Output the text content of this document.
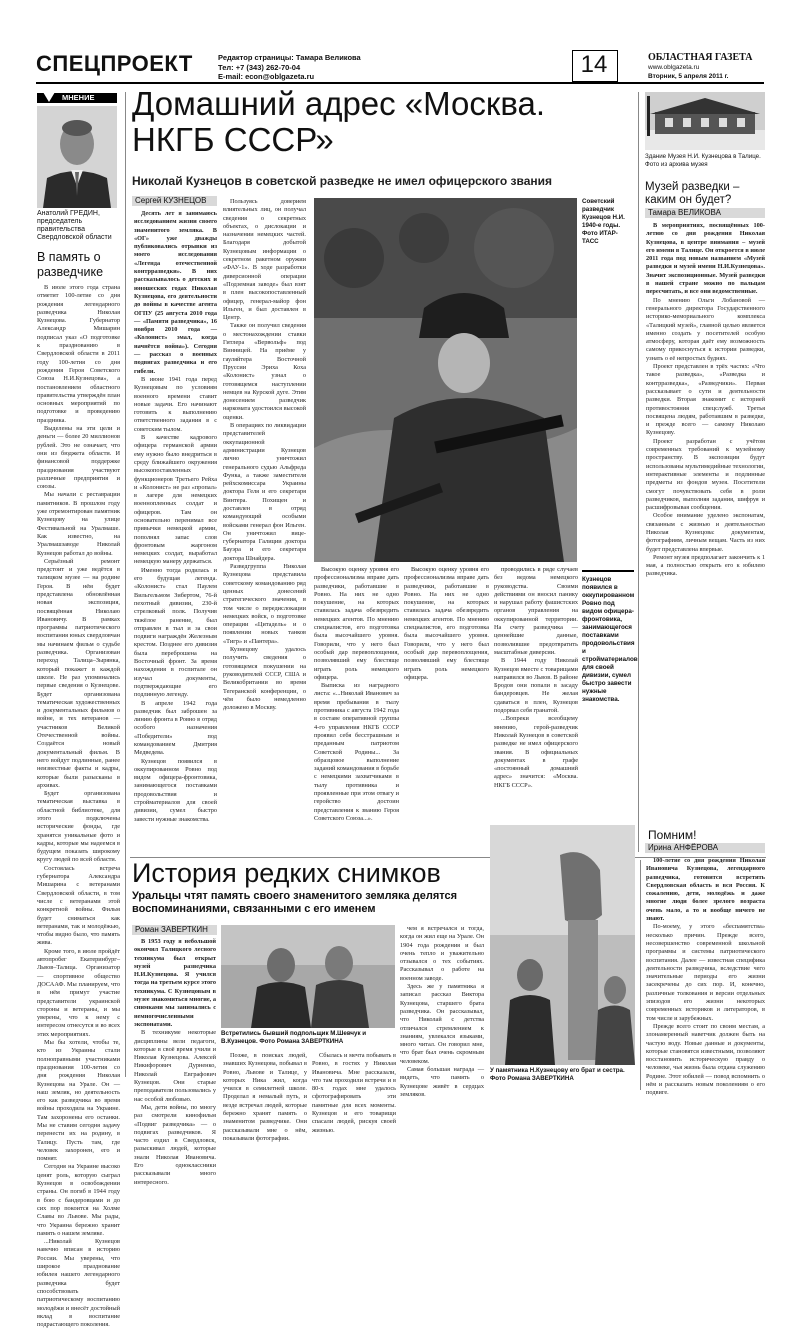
СПЕЦПРОЕКТ	Редактор страницы: Тамара Великова
Тел: +7 (343) 262-70-04
E-mail: econ@oblgazeta.ru	14	ОБЛАСТНАЯ ГАЗЕТА
www.oblgazeta.ru
Вторник, 5 апреля 2011 г.
МНЕНИЕ
Анатолий ГРЕДИН,
председатель правительства Свердловской области
В память о разведчике

В июле этого года страна отметит 100-летие со дня рождения легендарного разведчика Николая Кузнецова. Губернатор Александр Мишарин подписал указ «О подготовке к празднованию в Свердловской области в 2011 году 100-летия со дня рождения Героя Советского Союза Н.И.Кузнецова», а постановлением областного правительства утверждён план основных мероприятий по подготовке и проведению праздника.

Выделены на эти цели и деньги — более 20 миллионов рублей. Это не означает, что они из бюджета области. И финансовой поддержке празднования участвуют различные предприятия и союзы.

Мы начали с реставрации памятников. В прошлом году уже отремонтирован памятник Кузнецову на улице Фестивальной на Уралмаше. Как известно, на Уралмашзаводе Николай Кузнецов работал до войны.

Серьёзный ремонт предстоит и уже ведётся в талицком музее — на родине Героя. В нём будет представлена обновлённая новая экспозиция, посвящённая Николаю Ивановичу. В рамках программы патриотического воспитания юных свердловчан мы начинаем фильм о судьбе разведчика. Организован переход Талица–Зырянка, который покажет в каждой школе. Не раз упоминались первые сведения о Кузнецове. Будет организована тематическая художественных и документальных фильмов о войне, и тех ветеранов — участников Великой Отечественной войны. Создаётся новый документальный фильм. В него войдут подлинные, ранее неизвестные факты и кадры, которые были разысканы в архивах.

Будет организована тематическая выставка в областной библиотеке, для этого подключены исторические фонды, где хранятся уникальные фото и кадры, которые мы надеемся в будущем показать широкому кругу людей по всей области.

Состоялась встреча губернатора Александра Мишарина с ветеранами Свердловской области, в том числе с ветеранами этой конкретной войны. Фильм будет сниматься как ветеранами, так и молодёжью, чтобы видно было, что память жива.

Кроме того, в июле пройдёт автопробег Екатеринбург–Львов–Талица. Организатор — спортивное общество ДОСААФ. Мы планируем, что в нём примут участие представители украинской стороны и ветераны, и мы уверены, что к нему с интересом отнесутся и во всех этих мероприятиях.

Мы бы хотели, чтобы те, кто из Украины стали полноправными участниками празднования 100-летия со дня рождения Николая Кузнецова на Урале. Он — наш земляк, но деятельность его как разведчика во время войны проходила на Украине. Там захоронены его останки. Мы не ставим сегодня задачу перенести их на родину, в Талицу. Пусть там, где человек захоронен, его и помнят.

Сегодня на Украине высоко ценят роль, которую сыграл Кузнецов в освобождении страны. Он погиб в 1944 году в бою с бандеровцами и до сих пор покоится на Холме Славы во Львове. Мы рады, что Украина бережно хранит память о нашем земляке.

...Николай Кузнецов навечно вписан в историю России. Мы уверены, что широкое празднование юбилея нашего легендарного разведчика будет способствовать патриотическому воспитанию молодёжи и внесёт достойный вклад в воспитание подрастающего поколения.

Домашний адрес «Москва. НКГБ СССР»
Николай Кузнецов в советской разведке не имел офицерского звания
Сергей КУЗНЕЦОВ

Десять лет я занимаюсь исследованием жизни своего знаменитого земляка. В «ОГ» уже дважды публиковались отрывки из моего исследования «Легенда отечественной контрразведки». В них рассказывалось о детских и юношеских годах Николая Кузнецова, его деятельности до войны в качестве агента ОГПУ (25 августа 2010 года — «Памяти разведчика», 16 ноября 2010 года — «Колонист» эмал, когда начнётся война»). Сегодня — рассказ о военных подвигах разведчика и его гибели.

В июне 1941 года перед Кузнецовым по условиям военного времени ставит новые задачи. Его начинают готовить к выполнению ответственного задания в с советским тылом.

В качестве кадрового офицера германской армии ему нужно было внедриться в среду ближайшего окружения высокопоставленных функционеров Третьего Рейха и «Колонист» не раз «пропал» в лагере для немецких военнопленных солдат и офицеров. Там он основательно перенимал все привычки немецкой армии, пополнял запас слов фронтовым жаргоном немецких солдат, выработал немецкую манеру держаться.

Именно тогда родилась и его будущая легенда. «Колонист» стал Паулем Вильгельмом Зибертом, 76-й пехотный дивизии, 230-й стрелковый полк. Получив тяжёлое ранение, был отправлен в тыл и за свои подвиги награждён Железным крестом. Позднее его дивизия была переброшена на Восточный фронт. За время нахождения в госпитале он изучал документы, подтверждающие его подлинную легенду.

В апреле 1942 года разведчик был заброшен за линию фронта в Ровно в отряд особого назначения «Победители» под командованием Дмитрия Медведева.

Кузнецов появился в оккупированном Ровно под видом офицера-фронтовика, занимающегося поставками продовольствия и стройматериалов для своей дивизии, сумел быстро завести нужные знакомства.

Пользуясь доверием влиятельных лиц, он получал сведения о секретных объектах, о дислокации и назначении немецких частей. Благодаря добытой Кузнецовым информации о секретном ракетном оружии «ФАУ-1». В ходе разработки диверсионной операции «Подземная заводе» был взят в плен высокопоставленный офицер, генерал-майор фон Ильген, и был доставлен в Центр.

Также он получил сведения о местонахождении ставки Гитлера «Вервольф» под Винницей. На приёме у гауляйтера Восточной Пруссии Эриха Коха «Колонист» узнал о готовящемся наступлении немцев на Курской дуге. Этим донесением разведчик наркомата удостоился высокой оценки.

В операциях по ликвидации представителей оккупационной администрации Кузнецов лично уничтожил генерального судью Альфреда Функа, а также заместителя рейхскомиссара Украины доктора Геля и его секретаря Винтера. Похищен и доставлен в отряд командующий особыми войсками генерал фон Ильген. Он уничтожил вице-губернатора Галиции доктора Бауэра и его секретаря доктора Шнайдера.

Разведгруппа Николая Кузнецова представила советскому командованию ряд ценных донесений стратегического значения, в том числе о передислокации немецких войск, о подготовке операции «Цитадель» и о появлении новых танков «Тигр» и «Пантера».

Кузнецову удалось получить сведения о готовящемся покушении на руководителей СССР, США и Великобритании во время Тегеранской конференции, о чём было немедленно доложено в Москву.

Советский разведчик Кузнецов Н.И. 1940-е годы. Фото ИТАР-ТАСС

Высокую оценку уровня его профессионализма вправе дать разведчики, работавшие в Ровно. На них не одно покушение, на которых ставилась задача обезвредить немецких агентов. По мнению специалистов, его подготовка была высочайшего уровня. Говорили, что у него был особый дар перевоплощения, позволявший ему блестяще играть роль немецкого офицера.

Выписка из наградного листа: «...Николай Иванович за время пребывания в тылу противника с августа 1942 года в составе оперативной группы 4-го управления НКГБ СССР проявил себя бесстрашным и преданным патриотом Советской Родины... За образцовое выполнение заданий командования в борьбе с немецкими захватчиками в тылу противника и проявленные при этом отвагу и геройство достоин представления к званию Героя Советского Союза...».

Высокую оценку уровня его профессионализма вправе дать разведчики, работавшие в Ровно. На них не одно покушение, на которых ставилась задача обезвредить немецких агентов. По мнению специалистов, его подготовка была высочайшего уровня. Говорили, что у него был особый дар перевоплощения, позволявший ему блестяще играть роль немецкого офицера.

проводились в ряде случаев без ведома немецкого руководства. Своими действиями он вносил панику и нарушал работу фашистских органов управления на оккупированной территории. На счету разведчика — ценнейшие данные, позволившие предотвратить масштабные диверсии.

В 1944 году Николай Кузнецов вместе с товарищами направился во Львов. В районе Бродов они попали в засаду бандеровцев. Не желая сдаваться в плен, Кузнецов подорвал себя гранатой.

...Вопреки всеобщему мнению, герой-разведчик Николай Кузнецов в советской разведке не имел офицерского звания. В официальных документах в графе «постоянный домашний адрес» значится: «Москва. НКГБ СССР».

Кузнецов появился в оккупированном Ровно под видом офицера-фронтовика, занимающегося поставками продовольствия и стройматериалов для своей дивизии, сумел быстро завести нужные знакомства.
Здание Музея Н.И. Кузнецова в Талице. Фото из архива музея
Музей разведки – каким он будет?
Тамара ВЕЛИКОВА

В мероприятиях, посвящённых 100-летию со дня рождения Николая Кузнецова, в центре внимания – музей его имени в Талице. Он откроется в июле 2011 года под новым названием «Музей разведки и музей имени Н.И.Кузнецова». Значит экспозиционные. Музей разведки в нашей стране можно по пальцам пересчитать, и все они ведомственные.

По мнению Ольги Лобановой — генерального директора Государственного историко-мемориального комплекса «Талицкий музей», главной целью является именно создать у посетителей особую атмосферу, которая даёт ему возможность самому прикоснуться к истории разведки, узнать о её непростых буднях.

Проект представлен в трёх частях: «Что такое разведка», «Разведка и контрразведка», «Разведчики». Первая рассказывает о сути и деятельности разведки. Вторая знакомит с историей противостояния спецслужб. Третья посвящена людям, работавшим в разведке, и прежде всего — самому Николаю Кузнецову.

Проект разработан с учётом современных требований к музейному пространству. В экспозиции будут использованы мультимедийные технологии, интерактивные элементы и подлинные предметы из фондов музея. Посетители смогут почувствовать себя в роли разведчиков, выполняя задания, шифруя и расшифровывая сообщения.

Особое внимание уделено экспонатам, связанным с жизнью и деятельностью Николая Кузнецова: документам, фотографиям, личным вещам. Часть из них будет представлена впервые.

Ремонт музея предполагает закончить к 1 мая, а полностью открыть его к юбилею разведчика.

История редких снимков
Уральцы чтят память своего знаменитого земляка делятся воспоминаниями, связанными с его именем
Роман ЗАВЕРТКИН

В 1953 году я небольшой окончил Талицкого лесного техникума был открыт музей разведчика Н.И.Кузнецова. Я учился тогда на третьем курсе этого техникума. С Кузнецовым в музее знакомиться многие, а снимками мы занимались с немногочисленными экспонатами.

В техникуме некоторые дисциплины вели педагоги, которые в своё время учили и Николая Кузнецова. Алексей Никифорович Дурненко, Николай Евграфович Кузнецов. Они старые преподаватели пользовались у нас особой любовью.

Мы, дети войны, по многу раз смотрели кинофильм «Подвиг разведчика» — о подвигах разведчиков. Я часто ездил в Свердловск, разыскивал людей, которые знали Николая Ивановича. Его одноклассники рассказывали много интересного.

Встретились бывший подпольщик М.Шевчук и В.Кузнецов. Фото Романа ЗАВЕРТКИНА

Позже, в поисках людей, знавших Кузнецова, побывал в Ровно, Львове и Талице, у которых Ника жил, когда учился в семилетней школе. Проделал я немалый путь, и везде встречал людей, которые бережно хранят память о знаменитом разведчике. Они рассказывали мне о нём, показывали фотографии.

Сбылась и мечта побывать в Ровно, в гостях у Николая Ивановича. Мне рассказали, что там проходили встречи и в 80-х годах мне удалось сфотографировать эти памятные для всех моменты. Кузнецов и его товарищи спасали людей, рискуя своей жизнью.

чем я встречался и тогда, когда он жил еще на Урале. Он 1904 года рождения и был очень тепло и уважительно отзывался о тех событиях. Рассказывал о работе на военном заводе.

Здесь же у памятника я записал рассказ Виктора Кузнецова, старшего брата разведчика. Он рассказывал, что Николай с детства отличался стремлением к знаниям, увлекался языками, много читал. Он говорил мне, что брат был очень скромным человеком.

Самая большая награда — видеть, что память о Кузнецове живёт в сердцах земляков.

У памятника Н.Кузнецову его брат и сестра. Фото Романа ЗАВЕРТКИНА
Помним!
Ирина АНФЁРОВА

100-летие со дня рождения Николая Ивановича Кузнецова, легендарного разведчика, готовится встретить Свердловская область и вся Россия. К сожалению, дети, молодёжь и даже многие люди более зрелого возраста очень мало, а то и вообще ничего не знают.

По-моему, у этого «беспамятства» несколько причин. Прежде всего, несовершенство современной школьной программы и системы патриотического воспитания. Далее — известная специфика деятельности разведчика, вследствие чего значительные периоды его жизни засекречены до сих пор. И, конечно, различные толкования и версии отдельных эпизодов его жизни некоторых современных историков и литераторов, в том числе и зарубежных.

Прежде всего стоит по своим местам, а злонамеренный наветчик должен быть на частую воду. Новые данные и документы, которые становятся известными, позволяют восстановить историческую правду о человеке, чья жизнь была отдана служению Родине. Этот юбилей — повод вспомнить о нём и рассказать новым поколениям о его подвиге.
